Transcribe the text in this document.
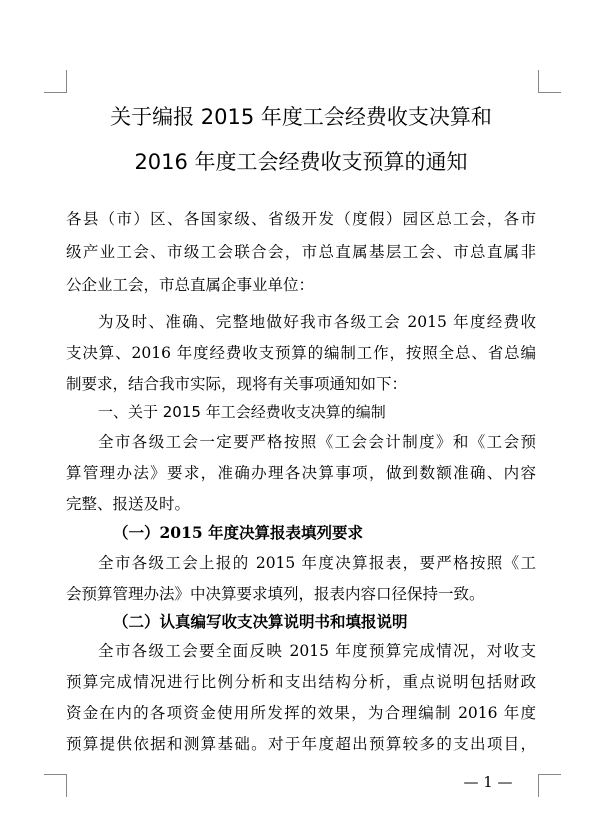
关于编报 2015 年度工会经费收支决算和
2016 年度工会经费收支预算的通知
各县（市）区、各国家级、省级开发（度假）园区总工会，各市
级产业工会、市级工会联合会，市总直属基层工会、市总直属非
公企业工会，市总直属企事业单位：
为及时、准确、完整地做好我市各级工会 2015 年度经费收
支决算、2016 年度经费收支预算的编制工作，按照全总、省总编
制要求，结合我市实际，现将有关事项通知如下：
一、关于 2015 年工会经费收支决算的编制
全市各级工会一定要严格按照《工会会计制度》和《工会预
算管理办法》要求，准确办理各决算事项，做到数额准确、内容
完整、报送及时。
（一）2015 年度决算报表填列要求
全市各级工会上报的 2015 年度决算报表，要严格按照《工
会预算管理办法》中决算要求填列，报表内容口径保持一致。
（二）认真编写收支决算说明书和填报说明
全市各级工会要全面反映 2015 年度预算完成情况，对收支
预算完成情况进行比例分析和支出结构分析，重点说明包括财政
资金在内的各项资金使用所发挥的效果，为合理编制 2016 年度
预算提供依据和测算基础。对于年度超出预算较多的支出项目，
— 1 —
